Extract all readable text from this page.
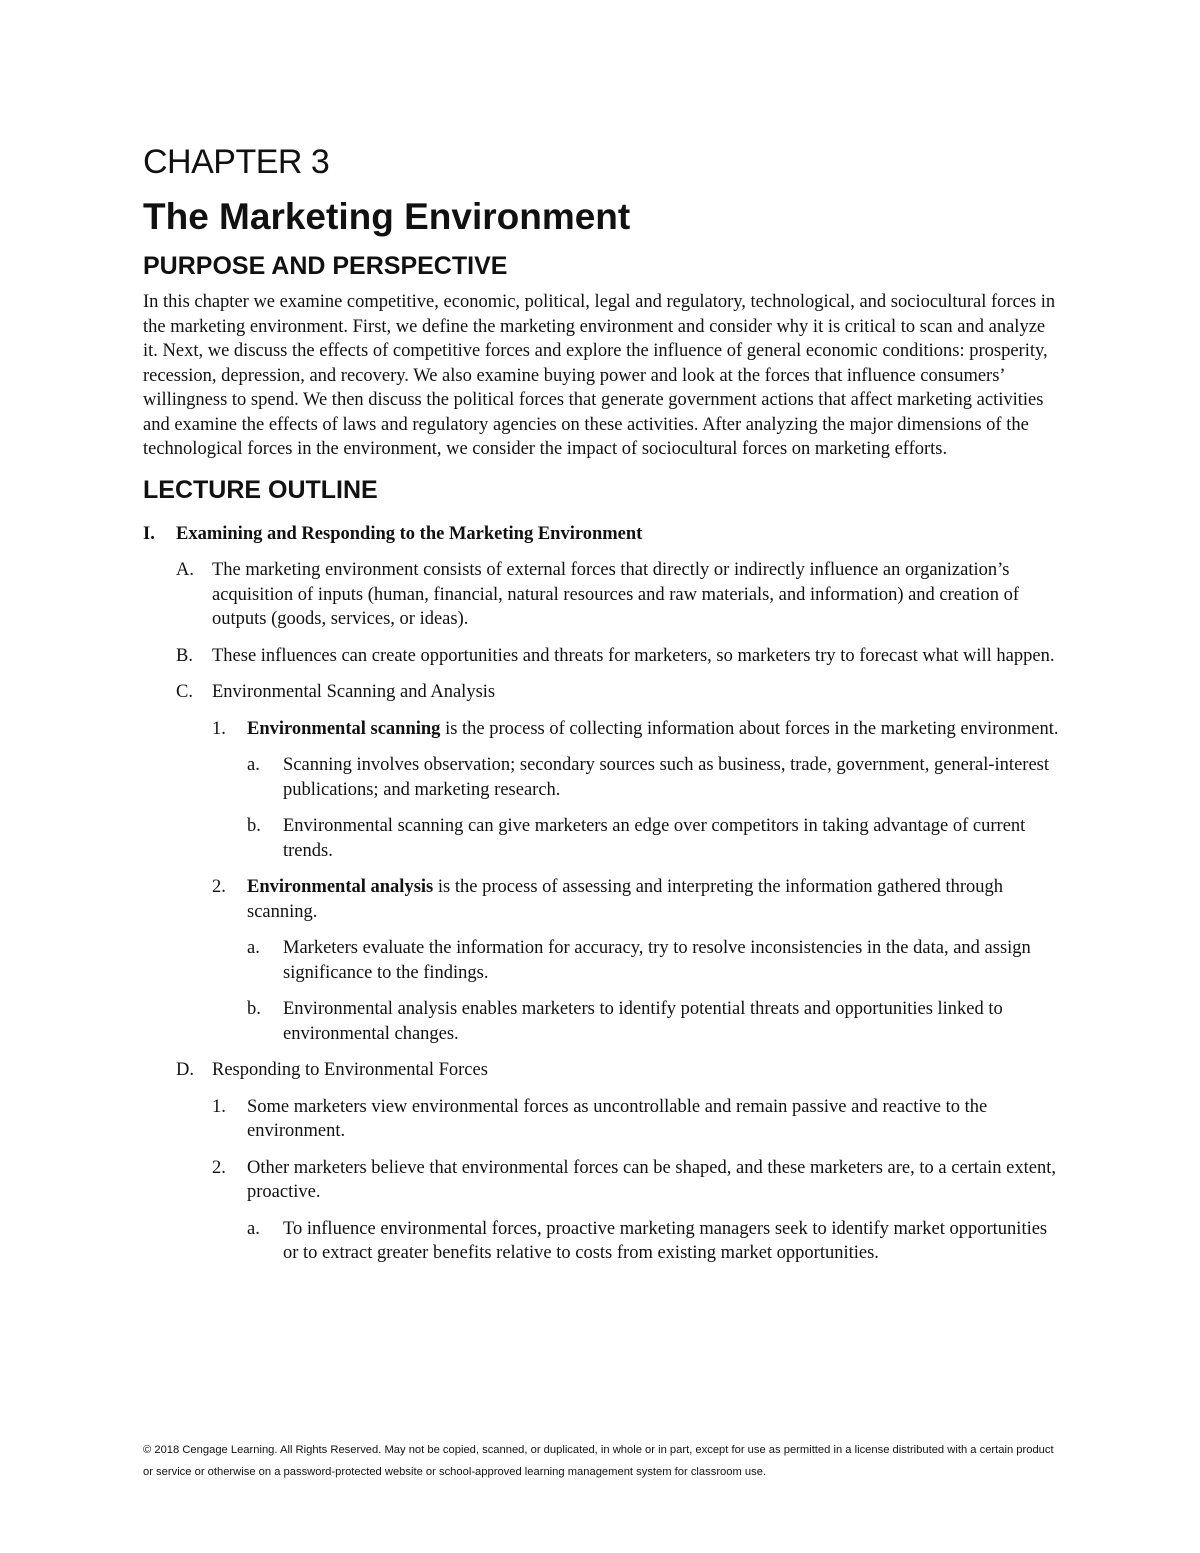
CHAPTER 3
The Marketing Environment
PURPOSE AND PERSPECTIVE

In this chapter we examine competitive, economic, political, legal and regulatory, technological, and sociocultural forces in the marketing environment. First, we define the marketing environment and consider why it is critical to scan and analyze it. Next, we discuss the effects of competitive forces and explore the influence of general economic conditions: prosperity, recession, depression, and recovery. We also examine buying power and look at the forces that influence consumers’ willingness to spend. We then discuss the political forces that generate government actions that affect marketing activities and examine the effects of laws and regulatory agencies on these activities. After analyzing the major dimensions of the technological forces in the environment, we consider the impact of sociocultural forces on marketing efforts.

LECTURE OUTLINE
I. Examining and Responding to the Marketing Environment
A. The marketing environment consists of external forces that directly or indirectly influence an organization’s acquisition of inputs (human, financial, natural resources and raw materials, and information) and creation of outputs (goods, services, or ideas).
B. These influences can create opportunities and threats for marketers, so marketers try to forecast what will happen.
C. Environmental Scanning and Analysis
1. Environmental scanning is the process of collecting information about forces in the marketing environment.
a. Scanning involves observation; secondary sources such as business, trade, government, general-interest publications; and marketing research.
b. Environmental scanning can give marketers an edge over competitors in taking advantage of current trends.
2. Environmental analysis is the process of assessing and interpreting the information gathered through scanning.
a. Marketers evaluate the information for accuracy, try to resolve inconsistencies in the data, and assign significance to the findings.
b. Environmental analysis enables marketers to identify potential threats and opportunities linked to environmental changes.
D. Responding to Environmental Forces
1. Some marketers view environmental forces as uncontrollable and remain passive and reactive to the environment.
2. Other marketers believe that environmental forces can be shaped, and these marketers are, to a certain extent, proactive.
a. To influence environmental forces, proactive marketing managers seek to identify market opportunities or to extract greater benefits relative to costs from existing market opportunities.
© 2018 Cengage Learning. All Rights Reserved. May not be copied, scanned, or duplicated, in whole or in part, except for use as permitted in a license distributed with a certain product or service or otherwise on a password-protected website or school-approved learning management system for classroom use.
